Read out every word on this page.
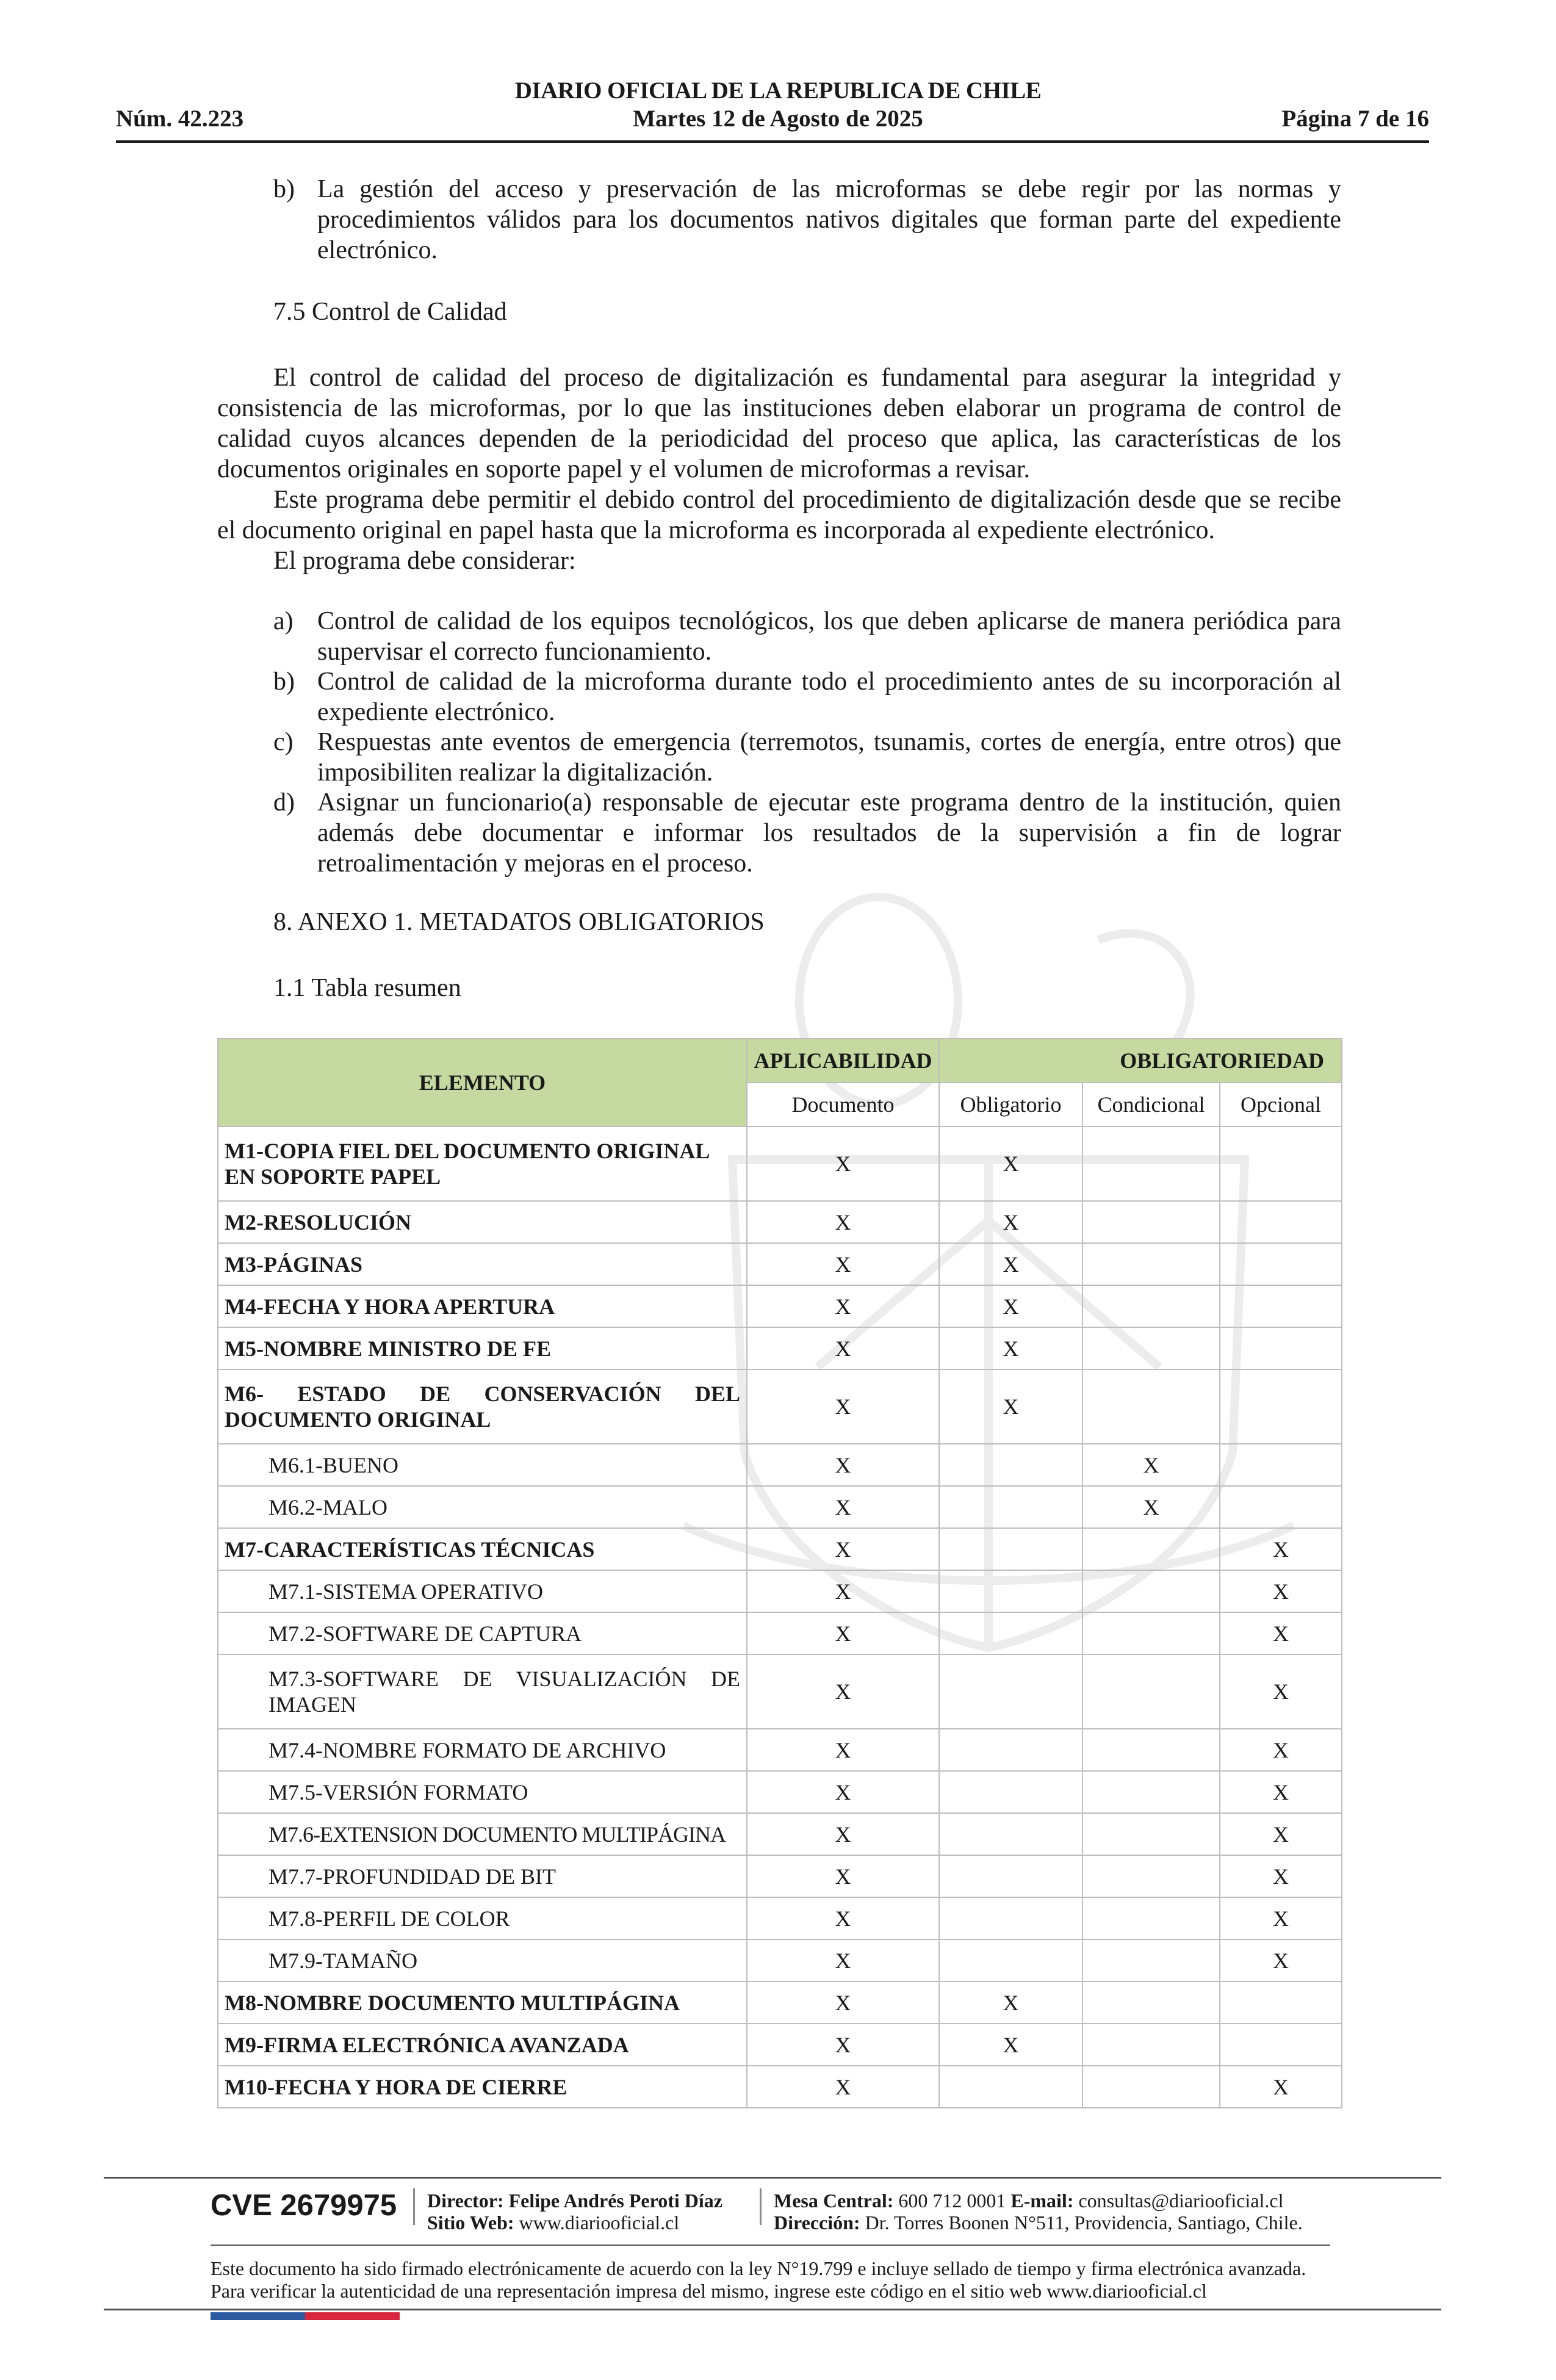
DIARIO OFICIAL DE LA REPUBLICA DE CHILE
Núm. 42.223	Martes 12 de Agosto de 2025	Página 7 de 16
b) La gestión del acceso y preservación de las microformas se debe regir por las normas y procedimientos válidos para los documentos nativos digitales que forman parte del expediente electrónico.
7.5 Control de Calidad
El control de calidad del proceso de digitalización es fundamental para asegurar la integridad y consistencia de las microformas, por lo que las instituciones deben elaborar un programa de control de calidad cuyos alcances dependen de la periodicidad del proceso que aplica, las características de los documentos originales en soporte papel y el volumen de microformas a revisar.
Este programa debe permitir el debido control del procedimiento de digitalización desde que se recibe el documento original en papel hasta que la microforma es incorporada al expediente electrónico.
El programa debe considerar:
a) Control de calidad de los equipos tecnológicos, los que deben aplicarse de manera periódica para supervisar el correcto funcionamiento.
b) Control de calidad de la microforma durante todo el procedimiento antes de su incorporación al expediente electrónico.
c) Respuestas ante eventos de emergencia (terremotos, tsunamis, cortes de energía, entre otros) que imposibiliten realizar la digitalización.
d) Asignar un funcionario(a) responsable de ejecutar este programa dentro de la institución, quien además debe documentar e informar los resultados de la supervisión a fin de lograr retroalimentación y mejoras en el proceso.
8. ANEXO 1. METADATOS OBLIGATORIOS
1.1 Tabla resumen
ELEMENTO	APLICABILIDAD	OBLIGATORIEDAD		
	Documento	Obligatorio	Condicional	Opcional
M1-COPIA FIEL DEL DOCUMENTO ORIGINAL EN SOPORTE PAPEL	X	X		
M2-RESOLUCIÓN	X	X		
M3-PÁGINAS	X	X		
M4-FECHA Y HORA APERTURA	X	X		
M5-NOMBRE MINISTRO DE FE	X	X		
M6- ESTADO DE CONSERVACIÓN DEL DOCUMENTO ORIGINAL	X	X		
M6.1-BUENO	X		X	
M6.2-MALO	X		X	
M7-CARACTERÍSTICAS TÉCNICAS	X			X
M7.1-SISTEMA OPERATIVO	X			X
M7.2-SOFTWARE DE CAPTURA	X			X
M7.3-SOFTWARE DE VISUALIZACIÓN DE IMAGEN	X			X
M7.4-NOMBRE FORMATO DE ARCHIVO	X			X
M7.5-VERSIÓN FORMATO	X			X
M7.6-EXTENSION DOCUMENTO MULTIPÁGINA	X			X
M7.7-PROFUNDIDAD DE BIT	X			X
M7.8-PERFIL DE COLOR	X			X
M7.9-TAMAÑO	X			X
M8-NOMBRE DOCUMENTO MULTIPÁGINA	X	X		
M9-FIRMA ELECTRÓNICA AVANZADA	X	X		
M10-FECHA Y HORA DE CIERRE	X			X
CVE 2679975 Director: Felipe Andrés Peroti Díaz
Sitio Web: www.diariooficial.cl
Mesa Central: 600 712 0001 E-mail: consultas@diariooficial.cl
Dirección: Dr. Torres Boonen N°511, Providencia, Santiago, Chile.
Este documento ha sido firmado electrónicamente de acuerdo con la ley N°19.799 e incluye sellado de tiempo y firma electrónica avanzada. Para verificar la autenticidad de una representación impresa del mismo, ingrese este código en el sitio web www.diariooficial.cl
